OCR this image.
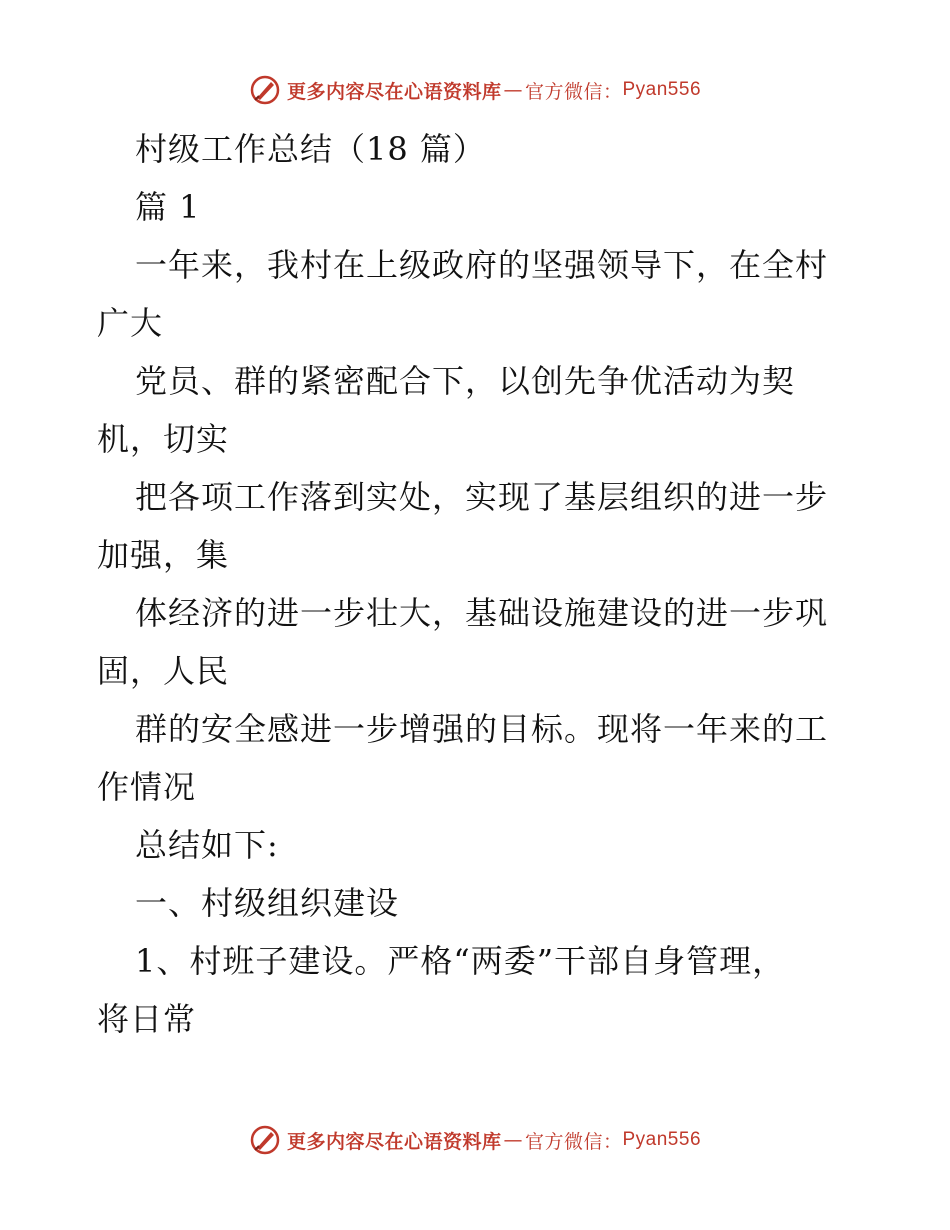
更多内容尽在心语资料库 — 官方微信： Pyan556
村级工作总结（18 篇）
篇 1
一年来，我村在上级政府的坚强领导下，在全村
广大
党员、群的紧密配合下，以创先争优活动为契
机，切实
把各项工作落到实处，实现了基层组织的进一步
加强，集
体经济的进一步壮大，基础设施建设的进一步巩
固，人民
群的安全感进一步增强的目标。现将一年来的工
作情况
总结如下:
一、村级组织建设
1、村班子建设。严格“两委”干部自身管理，
将日常
更多内容尽在心语资料库 — 官方微信： Pyan556
